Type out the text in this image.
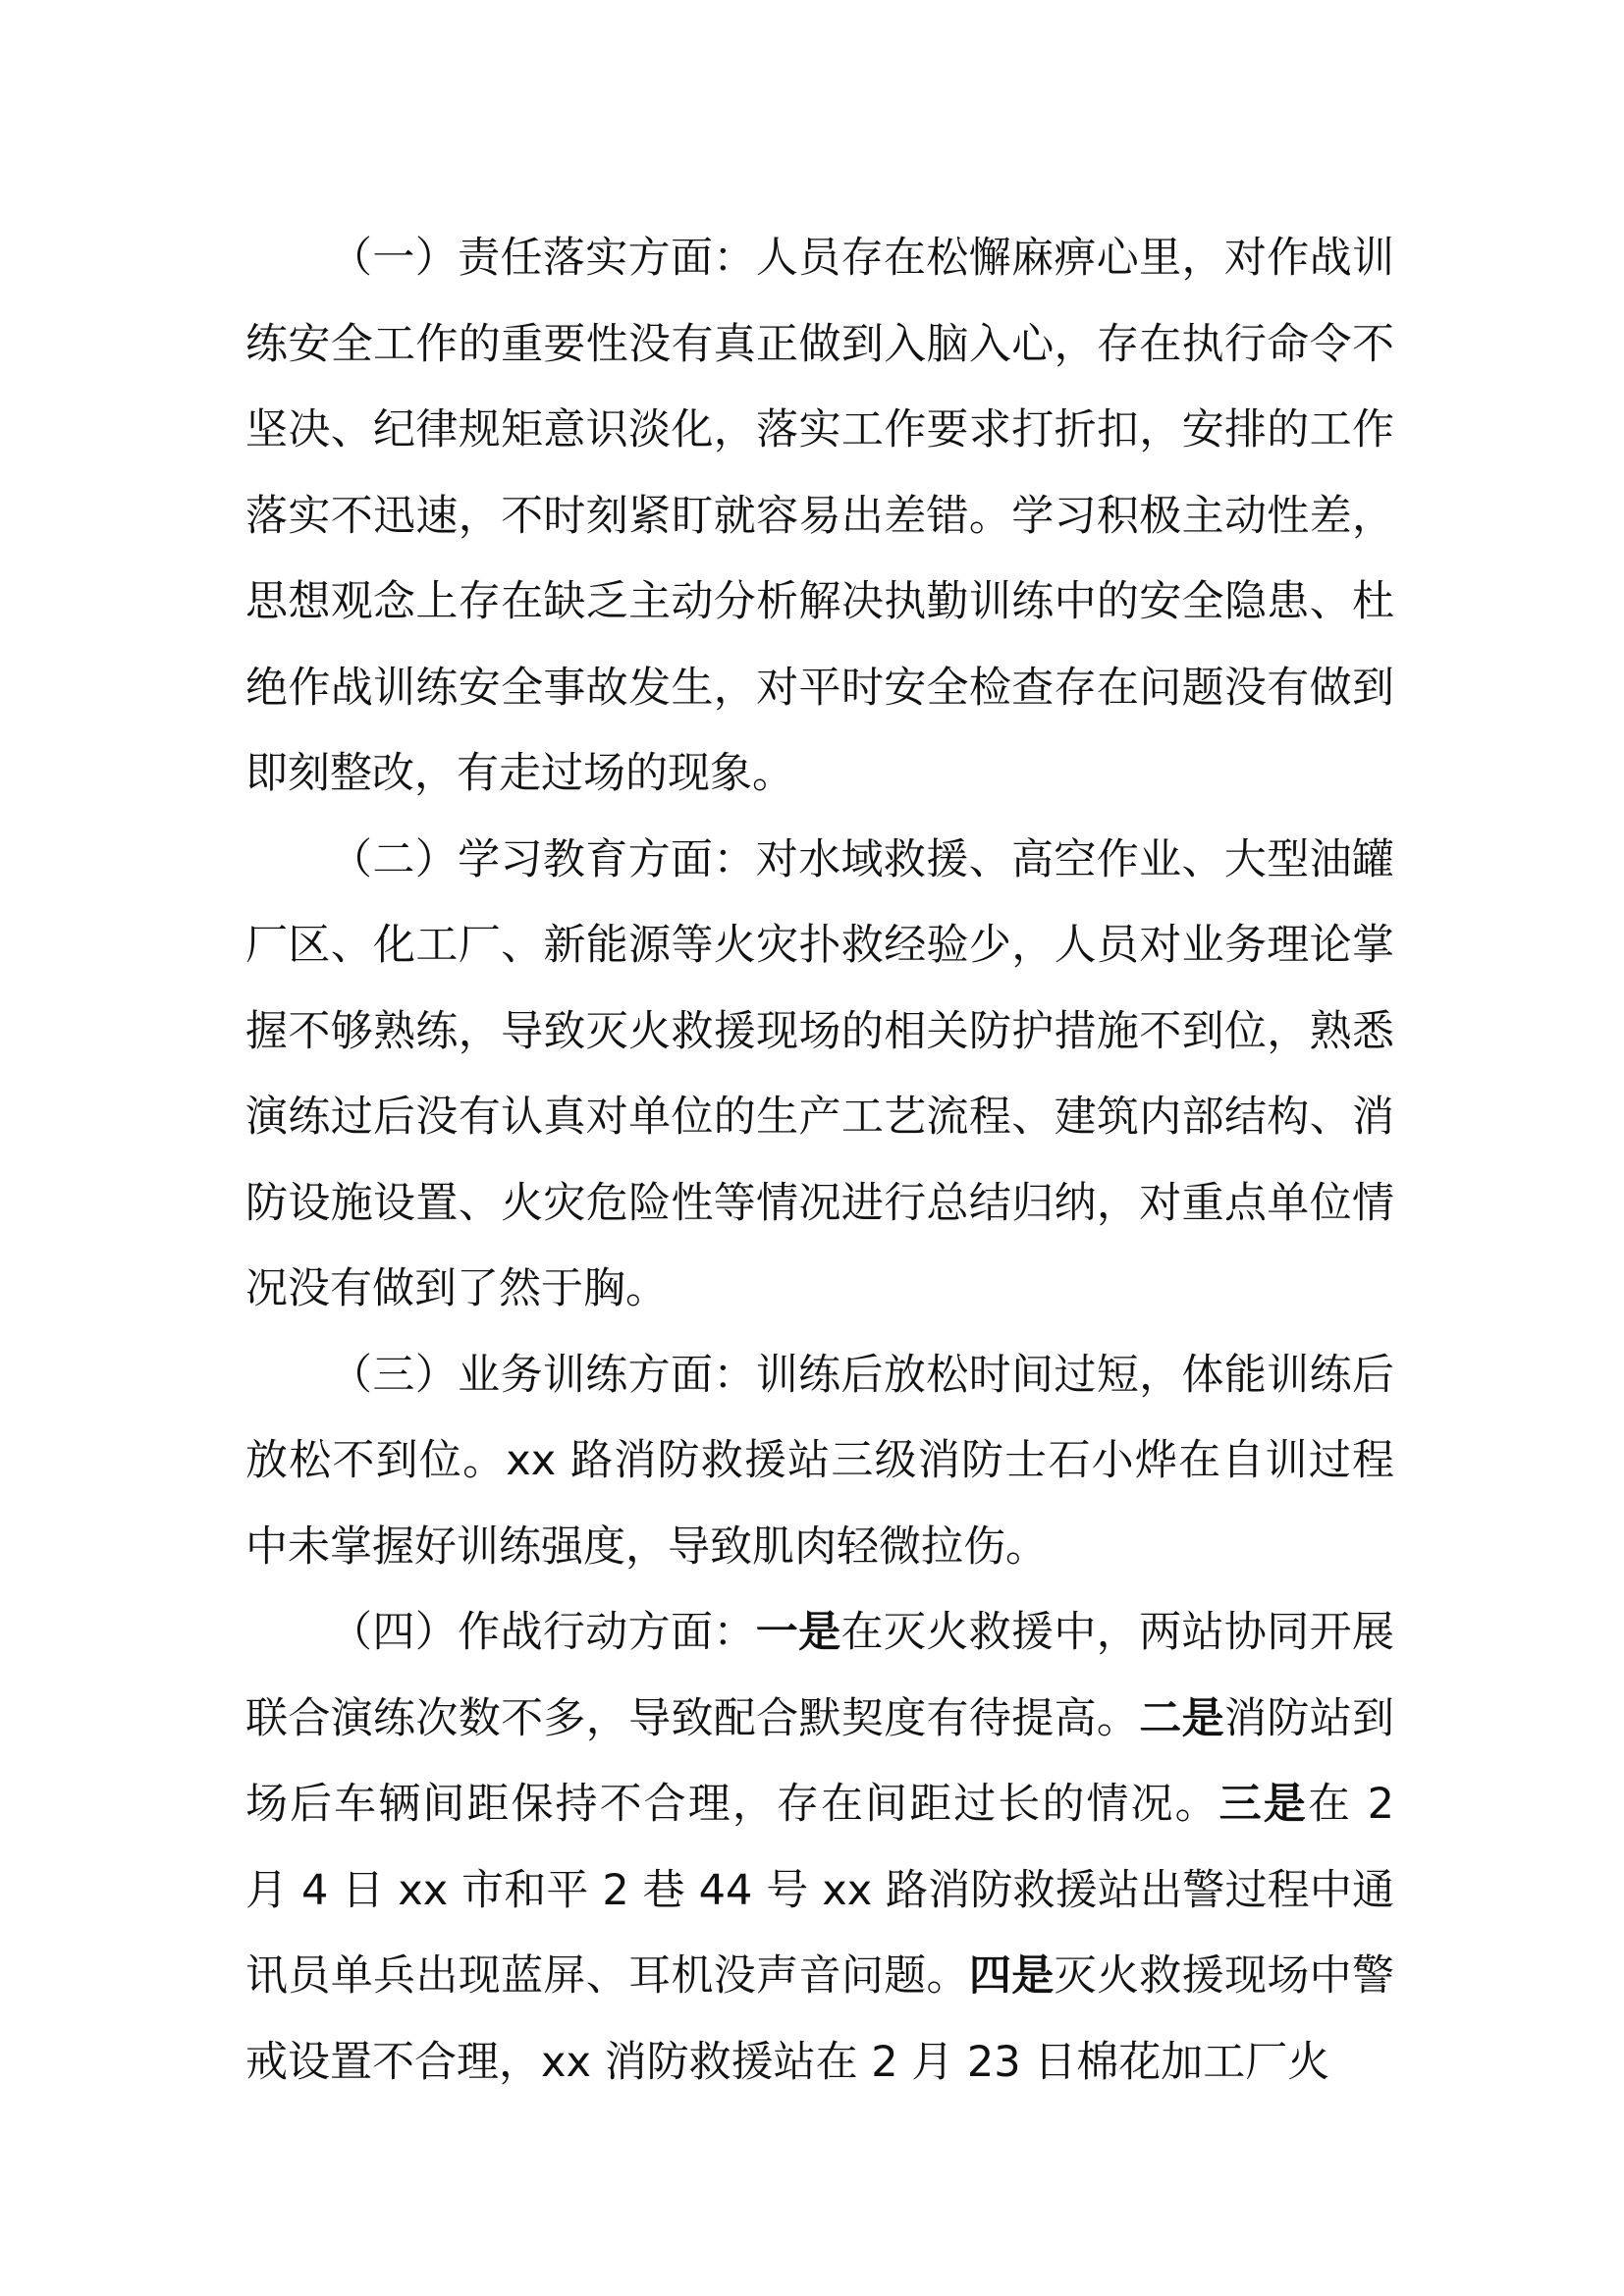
（一）责任落实方面：人员存在松懈麻痹心里，对作战训练安全工作的重要性没有真正做到入脑入心，存在执行命令不坚决、纪律规矩意识淡化，落实工作要求打折扣，安排的工作落实不迅速，不时刻紧盯就容易出差错。学习积极主动性差，思想观念上存在缺乏主动分析解决执勤训练中的安全隐患、杜绝作战训练安全事故发生，对平时安全检查存在问题没有做到即刻整改，有走过场的现象。

（二）学习教育方面：对水域救援、高空作业、大型油罐厂区、化工厂、新能源等火灾扑救经验少，人员对业务理论掌握不够熟练，导致灭火救援现场的相关防护措施不到位，熟悉演练过后没有认真对单位的生产工艺流程、建筑内部结构、消防设施设置、火灾危险性等情况进行总结归纳，对重点单位情况没有做到了然于胸。

（三）业务训练方面：训练后放松时间过短，体能训练后放松不到位。xx 路消防救援站三级消防士石小烨在自训过程中未掌握好训练强度，导致肌肉轻微拉伤。

（四）作战行动方面：一是在灭火救援中，两站协同开展联合演练次数不多，导致配合默契度有待提高。二是消防站到场后车辆间距保持不合理，存在间距过长的情况。三是在 2 月 4 日 xx 市和平 2 巷 44 号 xx 路消防救援站出警过程中通讯员单兵出现蓝屏、耳机没声音问题。四是灭火救援现场中警戒设置不合理，xx 消防救援站在 2 月 23 日棉花加工厂火
